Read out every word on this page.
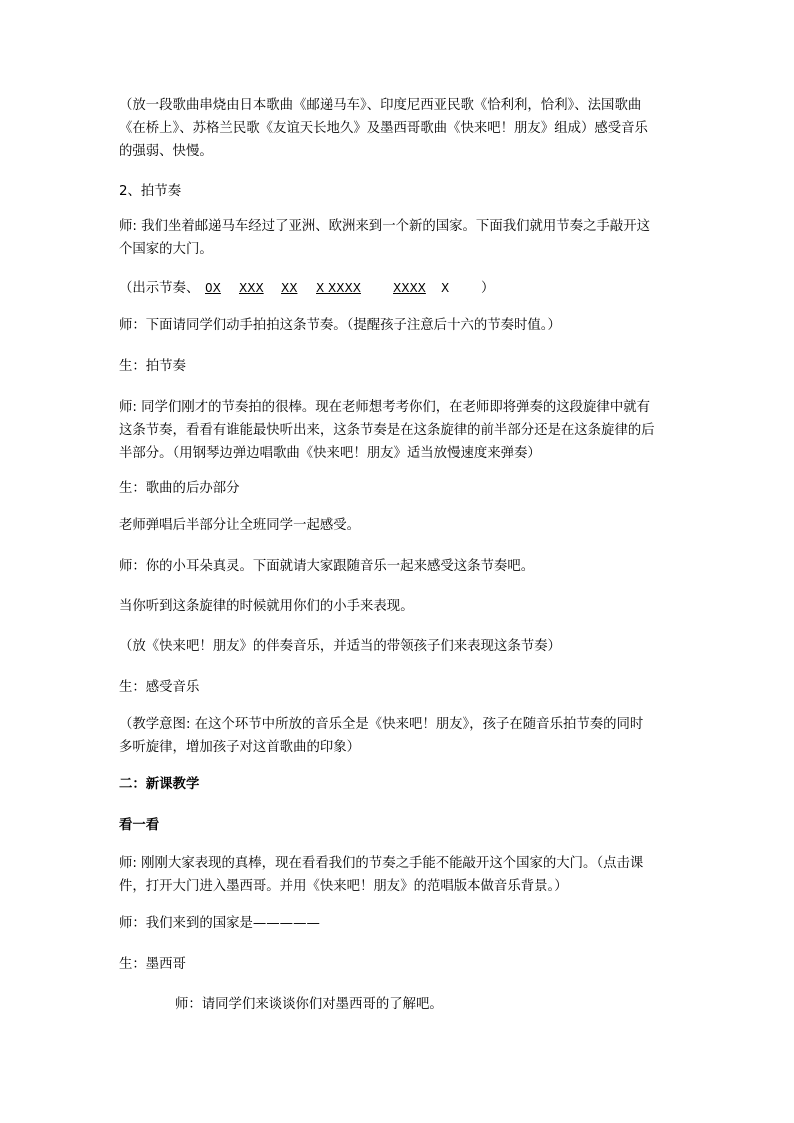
（放一段歌曲串烧由日本歌曲《邮递马车》、印度尼西亚民歌《恰利利，恰利》、法国歌曲
《在桥上》、苏格兰民歌《友谊天长地久》及墨西哥歌曲《快来吧！朋友》组成）感受音乐
的强弱、快慢。

2、拍节奏

师: 我们坐着邮递马车经过了亚洲、欧洲来到一个新的国家。下面我们就用节奏之手敲开这
个国家的大门。

（出示节奏、 0X XXX XX X XXXX	XXXX X ）

师：下面请同学们动手拍拍这条节奏。（提醒孩子注意后十六的节奏时值。）

生：拍节奏

师: 同学们刚才的节奏拍的很棒。现在老师想考考你们，在老师即将弹奏的这段旋律中就有
这条节奏，看看有谁能最快听出来，这条节奏是在这条旋律的前半部分还是在这条旋律的后
半部分。（用钢琴边弹边唱歌曲《快来吧！朋友》适当放慢速度来弹奏）

生：歌曲的后办部分

老师弹唱后半部分让全班同学一起感受。

师：你的小耳朵真灵。下面就请大家跟随音乐一起来感受这条节奏吧。

当你听到这条旋律的时候就用你们的小手来表现。

（放《快来吧！朋友》的伴奏音乐，并适当的带领孩子们来表现这条节奏）

生：感受音乐

（教学意图: 在这个环节中所放的音乐全是《快来吧！朋友》，孩子在随音乐拍节奏的同时
多听旋律，增加孩子对这首歌曲的印象）

二：新课教学

看一看

师: 刚刚大家表现的真棒，现在看看我们的节奏之手能不能敲开这个国家的大门。（点击课
件，打开大门进入墨西哥。并用《快来吧！朋友》的范唱版本做音乐背景。）

师：我们来到的国家是—————

生：墨西哥

师：请同学们来谈谈你们对墨西哥的了解吧。
